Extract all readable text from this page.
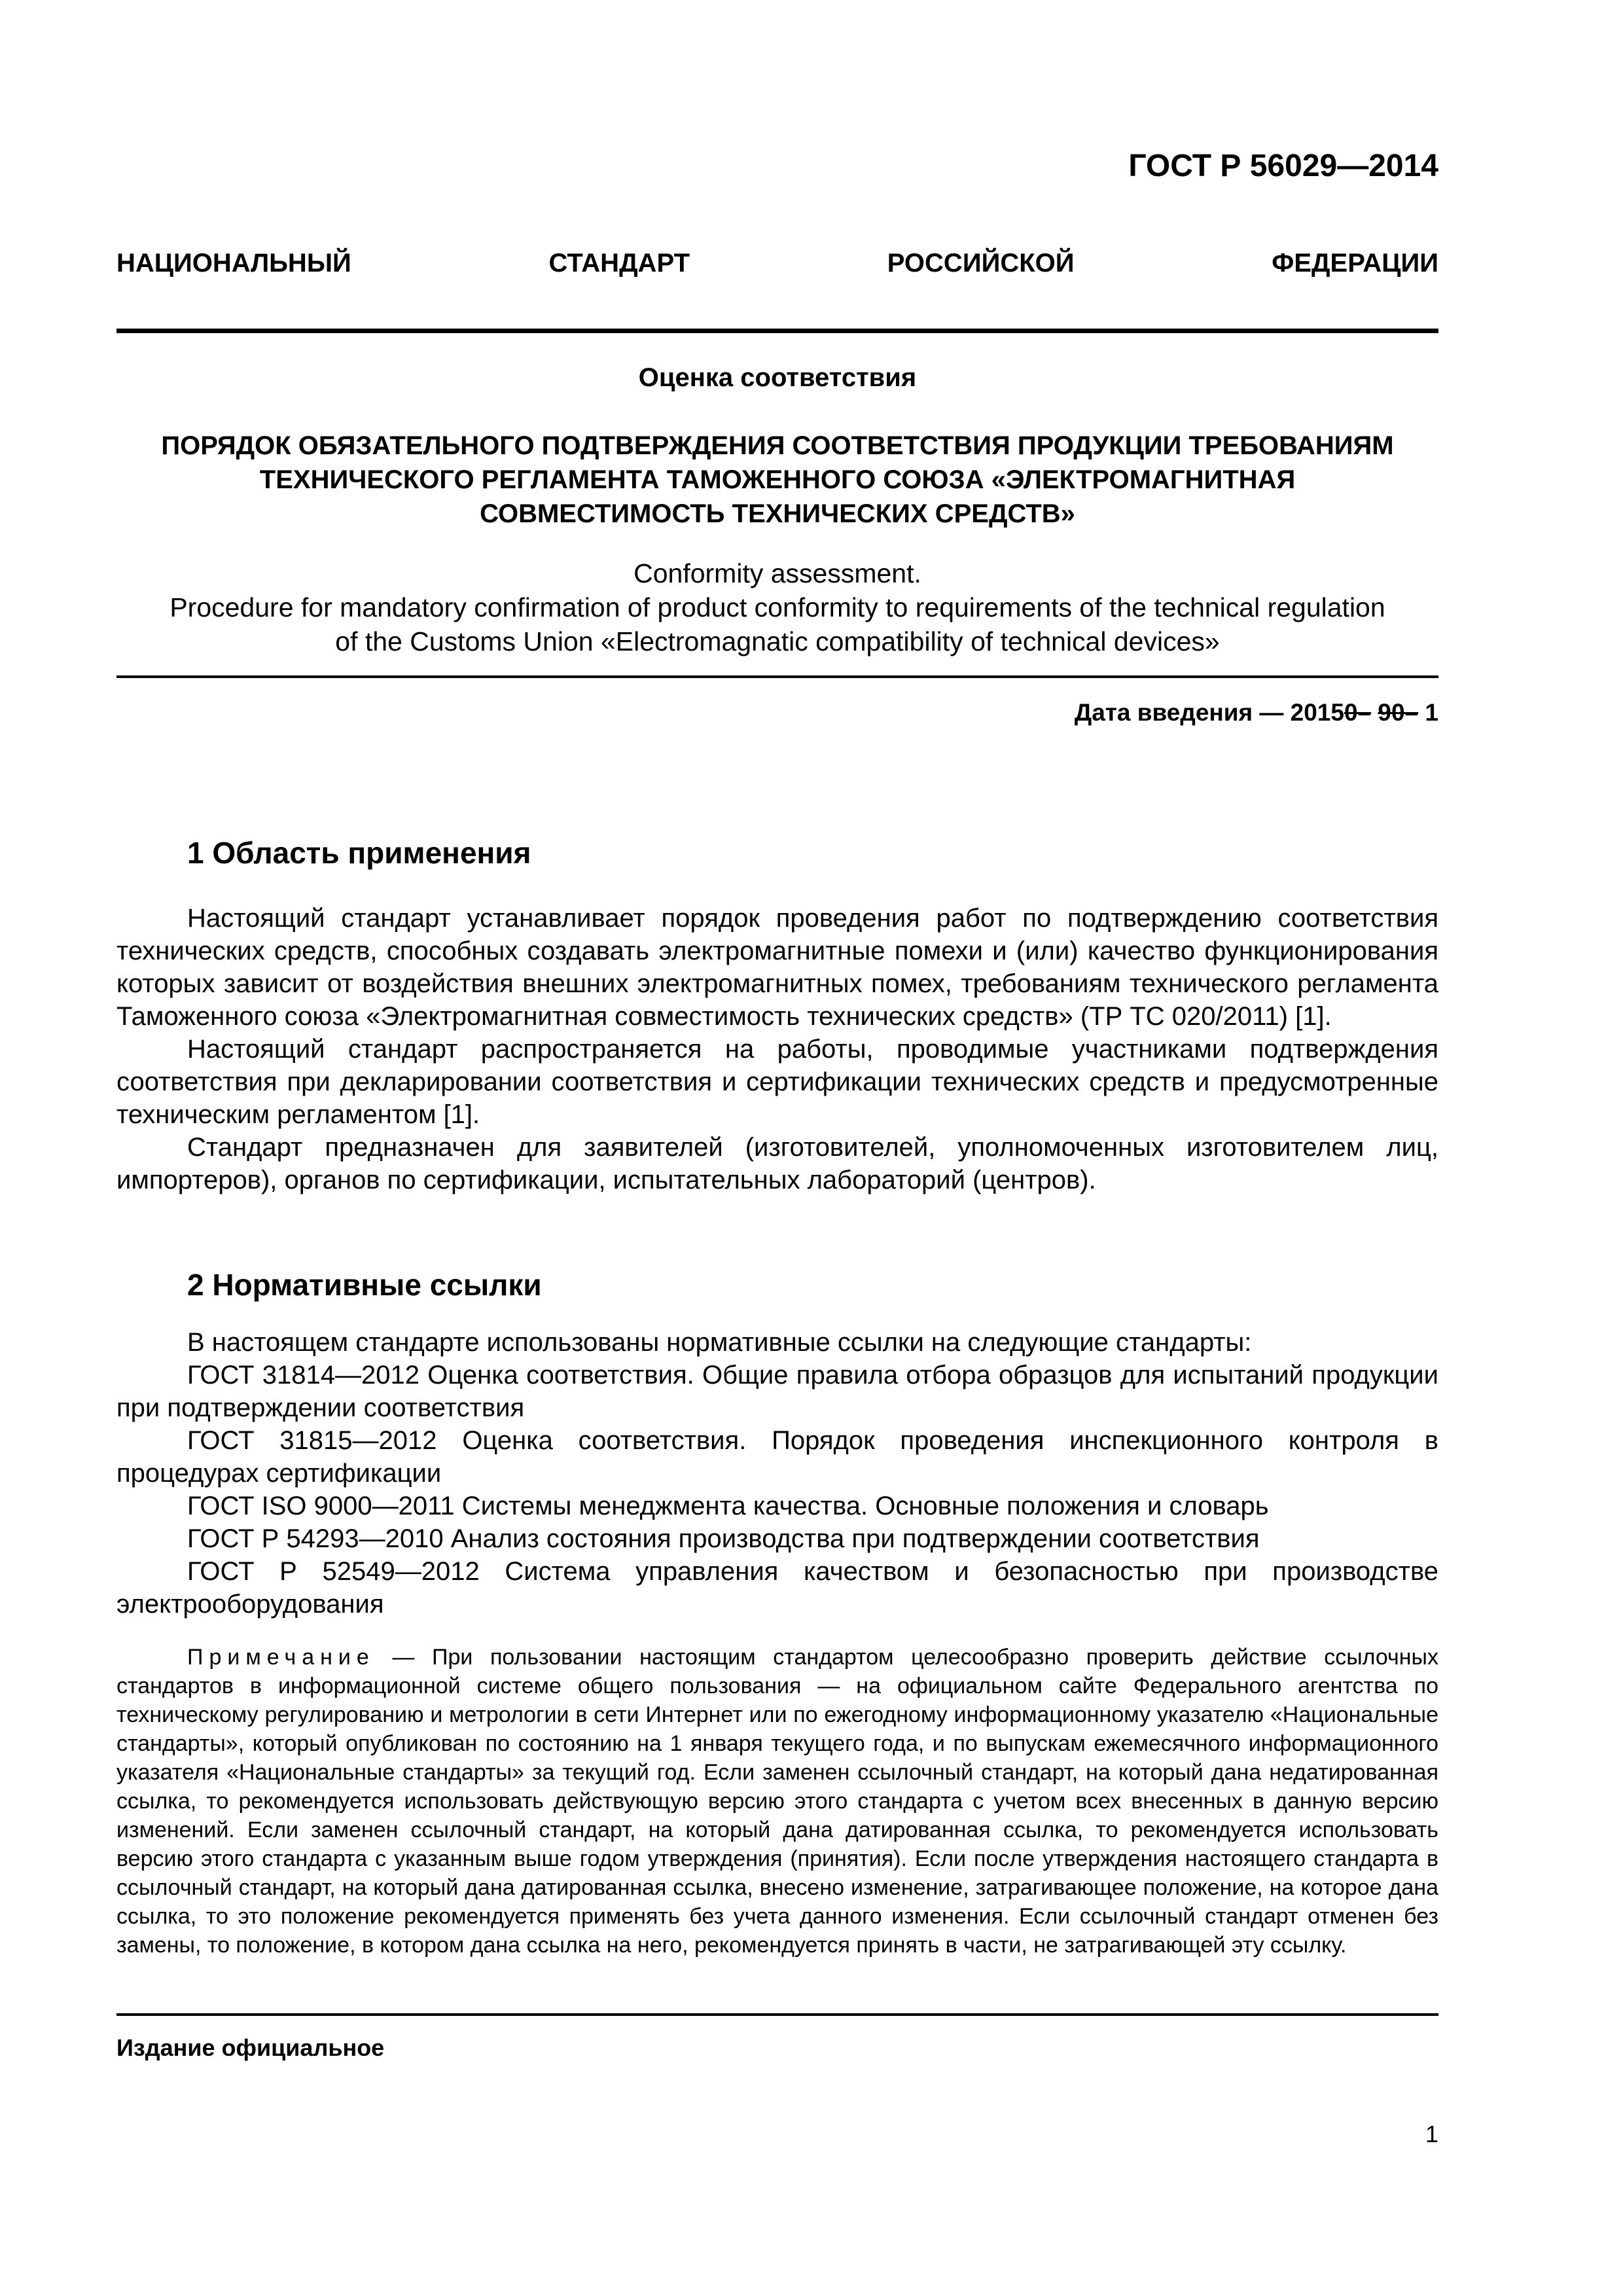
ГОСТ Р 56029—2014
НАЦИОНАЛЬНЫЙ	СТАНДАРТ	РОССИЙСКОЙ	ФЕДЕРАЦИИ
Оценка соответствия
ПОРЯДОК ОБЯЗАТЕЛЬНОГО ПОДТВЕРЖДЕНИЯ СООТВЕТСТВИЯ ПРОДУКЦИИ ТРЕБОВАНИЯМ
ТЕХНИЧЕСКОГО РЕГЛАМЕНТА ТАМОЖЕННОГО СОЮЗА «ЭЛЕКТРОМАГНИТНАЯ
СОВМЕСТИМОСТЬ ТЕХНИЧЕСКИХ СРЕДСТВ»
Conformity assessment.
Procedure for mandatory confirmation of product conformity to requirements of the technical regulation
of the Customs Union «Electromagnatic compatibility of technical devices»
Дата введения — 20150– 90– 1
1 Область применения
Настоящий стандарт устанавливает порядок проведения работ по подтверждению соответствия технических средств, способных создавать электромагнитные помехи и (или) качество функционирования которых зависит от воздействия внешних электромагнитных помех, требованиям технического регламента Таможенного союза «Электромагнитная совместимость технических средств» (ТР ТС 020/2011) [1].
Настоящий стандарт распространяется на работы, проводимые участниками подтверждения соответствия при декларировании соответствия и сертификации технических средств и предусмотренные техническим регламентом [1].
Стандарт предназначен для заявителей (изготовителей, уполномоченных изготовителем лиц, импортеров), органов по сертификации, испытательных лабораторий (центров).
2 Нормативные ссылки
В настоящем стандарте использованы нормативные ссылки на следующие стандарты:
ГОСТ 31814—2012 Оценка соответствия. Общие правила отбора образцов для испытаний продукции при подтверждении соответствия
ГОСТ 31815—2012 Оценка соответствия. Порядок проведения инспекционного контроля в процедурах сертификации
ГОСТ ISO 9000—2011 Системы менеджмента качества. Основные положения и словарь
ГОСТ Р 54293—2010 Анализ состояния производства при подтверждении соответствия
ГОСТ Р 52549—2012 Система управления качеством и безопасностью при производстве электрооборудования
Примечание — При пользовании настоящим стандартом целесообразно проверить действие ссылочных стандартов в информационной системе общего пользования — на официальном сайте Федерального агентства по техническому регулированию и метрологии в сети Интернет или по ежегодному информационному указателю «Национальные стандарты», который опубликован по состоянию на 1 января текущего года, и по выпускам ежемесячного информационного указателя «Национальные стандарты» за текущий год. Если заменен ссылочный стандарт, на который дана недатированная ссылка, то рекомендуется использовать действующую версию этого стандарта с учетом всех внесенных в данную версию изменений. Если заменен ссылочный стандарт, на который дана датированная ссылка, то рекомендуется использовать версию этого стандарта с указанным выше годом утверждения (принятия). Если после утверждения настоящего стандарта в ссылочный стандарт, на который дана датированная ссылка, внесено изменение, затрагивающее положение, на которое дана ссылка, то это положение рекомендуется применять без учета данного изменения. Если ссылочный стандарт отменен без замены, то положение, в котором дана ссылка на него, рекомендуется принять в части, не затрагивающей эту ссылку.
Издание официальное
1
